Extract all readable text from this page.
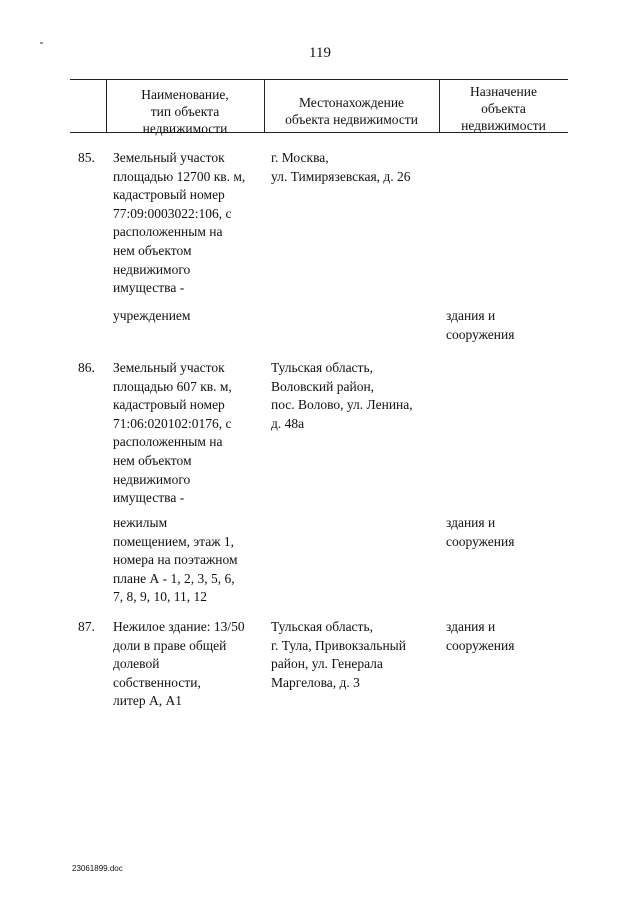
119
Наименование,
тип объекта
недвижимости
Местонахождение
объекта недвижимости
Назначение
объекта
недвижимости
85. Земельный участок
площадью 12700 кв. м,
кадастровый номер
77:09:0003022:106, с
расположенным на
нем объектом
недвижимого
имущества -
г. Москва,
ул. Тимирязевская, д. 26
учреждением	здания и
сооружения
86. Земельный участок
площадью 607 кв. м,
кадастровый номер
71:06:020102:0176, с
расположенным на
нем объектом
недвижимого
имущества -
Тульская область,
Воловский район,
пос. Волово, ул. Ленина,
д. 48а
нежилым
помещением, этаж 1,
номера на поэтажном
плане А - 1, 2, 3, 5, 6,
7, 8, 9, 10, 11, 12
здания и
сооружения
87. Нежилое здание: 13/50
доли в праве общей
долевой
собственности,
литер А, А1
Тульская область,
г. Тула, Привокзальный
район, ул. Генерала
Маргелова, д. 3
здания и
сооружения
23061899.doc
